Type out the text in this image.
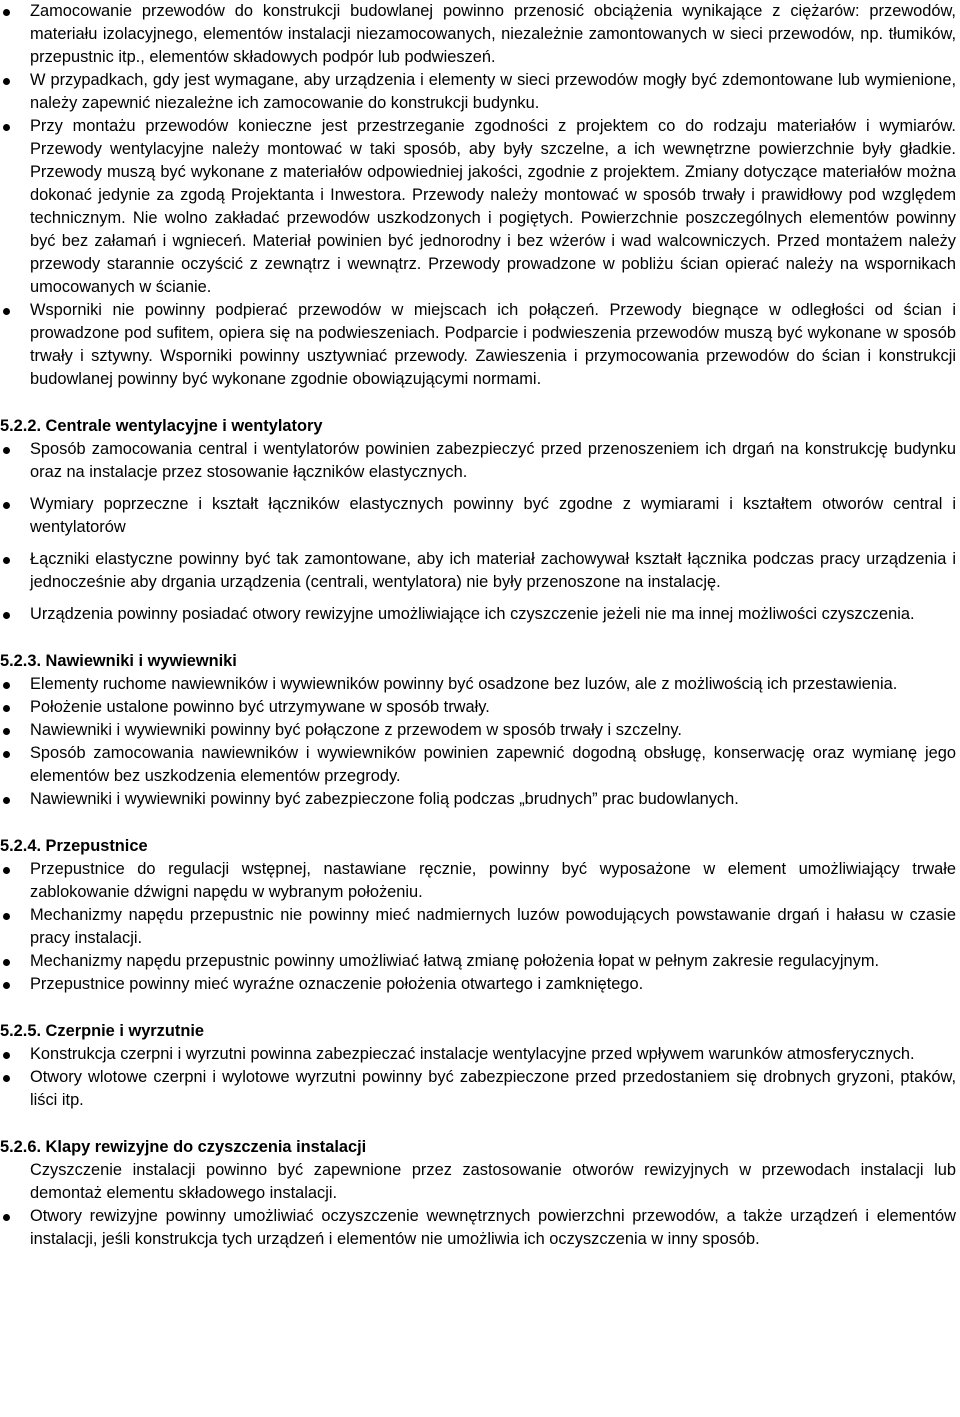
Zamocowanie przewodów do konstrukcji budowlanej powinno przenosić obciążenia wynikające z ciężarów: przewodów, materiału izolacyjnego, elementów instalacji niezamocowanych, niezależnie zamontowanych w sieci przewodów, np. tłumików, przepustnic itp., elementów składowych podpór lub podwieszeń.
W przypadkach, gdy jest wymagane, aby urządzenia i elementy w sieci przewodów mogły być zdemontowane lub wymienione, należy zapewnić niezależne ich zamocowanie do konstrukcji budynku.
Przy montażu przewodów konieczne jest przestrzeganie zgodności z projektem co do rodzaju materiałów i wymiarów. Przewody wentylacyjne należy montować w taki sposób, aby były szczelne, a ich wewnętrzne powierzchnie były gładkie. Przewody muszą być wykonane z materiałów odpowiedniej jakości, zgodnie z projektem. Zmiany dotyczące materiałów można dokonać jedynie za zgodą Projektanta i Inwestora. Przewody należy montować w sposób trwały i prawidłowy pod względem technicznym. Nie wolno zakładać przewodów uszkodzonych i pogiętych. Powierzchnie poszczególnych elementów powinny być bez załamań i wgnieceń. Materiał powinien być jednorodny i bez wżerów i wad walcowniczych. Przed montażem należy przewody starannie oczyścić z zewnątrz i wewnątrz. Przewody prowadzone w pobliżu ścian opierać należy na wspornikach umocowanych w ścianie.
Wsporniki nie powinny podpierać przewodów w miejscach ich połączeń. Przewody biegnące w odległości od ścian i prowadzone pod sufitem, opiera się na podwieszeniach. Podparcie i podwieszenia przewodów muszą być wykonane w sposób trwały i sztywny. Wsporniki powinny usztywniać przewody. Zawieszenia i przymocowania przewodów do ścian i konstrukcji budowlanej powinny być wykonane zgodnie obowiązującymi normami.

5.2.2. Centrale wentylacyjne i wentylatory

Sposób zamocowania central i wentylatorów powinien zabezpieczyć przed przenoszeniem ich drgań na konstrukcję budynku oraz na instalacje przez stosowanie łączników elastycznych.
Wymiary poprzeczne i kształt łączników elastycznych powinny być zgodne z wymiarami i kształtem otworów central i wentylatorów
Łączniki elastyczne powinny być tak zamontowane, aby ich materiał zachowywał kształt łącznika podczas pracy urządzenia i jednocześnie aby drgania urządzenia (centrali, wentylatora) nie były przenoszone na instalację.
Urządzenia powinny posiadać otwory rewizyjne umożliwiające ich czyszczenie jeżeli nie ma innej możliwości czyszczenia.

5.2.3. Nawiewniki i wywiewniki

Elementy ruchome nawiewników i wywiewników powinny być osadzone bez luzów, ale z możliwością ich przestawienia.
Położenie ustalone powinno być utrzymywane w sposób trwały.
Nawiewniki i wywiewniki powinny być połączone z przewodem w sposób trwały i szczelny.
Sposób zamocowania nawiewników i wywiewników powinien zapewnić dogodną obsługę, konserwację oraz wymianę jego elementów bez uszkodzenia elementów przegrody.
Nawiewniki i wywiewniki powinny być zabezpieczone folią podczas „brudnych” prac budowlanych.

5.2.4. Przepustnice

Przepustnice do regulacji wstępnej, nastawiane ręcznie, powinny być wyposażone w element umożliwiający trwałe zablokowanie dźwigni napędu w wybranym położeniu.
Mechanizmy napędu przepustnic nie powinny mieć nadmiernych luzów powodujących powstawanie drgań i hałasu w czasie pracy instalacji.
Mechanizmy napędu przepustnic powinny umożliwiać łatwą zmianę położenia łopat w pełnym zakresie regulacyjnym.
Przepustnice powinny mieć wyraźne oznaczenie położenia otwartego i zamkniętego.

5.2.5. Czerpnie i wyrzutnie

Konstrukcja czerpni i wyrzutni powinna zabezpieczać instalacje wentylacyjne przed wpływem warunków atmosferycznych.
Otwory wlotowe czerpni i wylotowe wyrzutni powinny być zabezpieczone przed przedostaniem się drobnych gryzoni, ptaków, liści itp.

5.2.6. Klapy rewizyjne do czyszczenia instalacji

Czyszczenie instalacji powinno być zapewnione przez zastosowanie otworów rewizyjnych w przewodach instalacji lub demontaż elementu składowego instalacji.

Otwory rewizyjne powinny umożliwiać oczyszczenie wewnętrznych powierzchni przewodów, a także urządzeń i elementów instalacji, jeśli konstrukcja tych urządzeń i elementów nie umożliwia ich oczyszczenia w inny sposób.
